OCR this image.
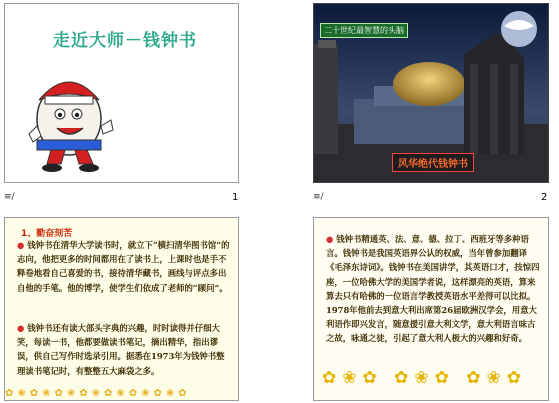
走近大师－钱钟书
≡/	1
二十世纪最智慧的头脑
风华绝代钱钟书
≡/	2
1、勤奋刻苦
● 钱钟书在清华大学读书时，就立下“横扫清华图书馆”的志向，他把更多的时间都用在了读书上，上课时也是手不释卷地看自己喜爱的书，接待清华藏书，画线与评点多出自他的手笔。他的博学，使学生们依成了老师的“顾问”。
● 钱钟书还有读大部头字典的兴趣，时时读得并仔细大笑，每读一书，他都要做读书笔记，摘出精华，指出谬误，供自己写作时选录引用。据悉在1973年为钱钟书整理读书笔记时，有整整五大麻袋之多。
✿❀✿❀✿❀✿❀✿❀✿❀✿❀✿
● 钱钟书精通英、法、意、德、拉丁、西班牙等多种语言。钱钟书是我国英语界公认的权威，当年曾参加翻译《毛泽东诗词》。钱钟书在美国讲学，其英语口才，技惊四座，一位哈佛大学的美国学者说，这样漂亮的英语，算来算去只有哈佛的一位语言学教授英语水平差得可以比拟。1978年他前去到意大利出席第26届欧洲汉学会，用意大利语作即兴发言，随意援引意大利文学，意大利语言味古之故，咏通之徒，引起了意大利人极大的兴趣和好奇。
✿❀✿ ✿❀✿ ✿❀✿
